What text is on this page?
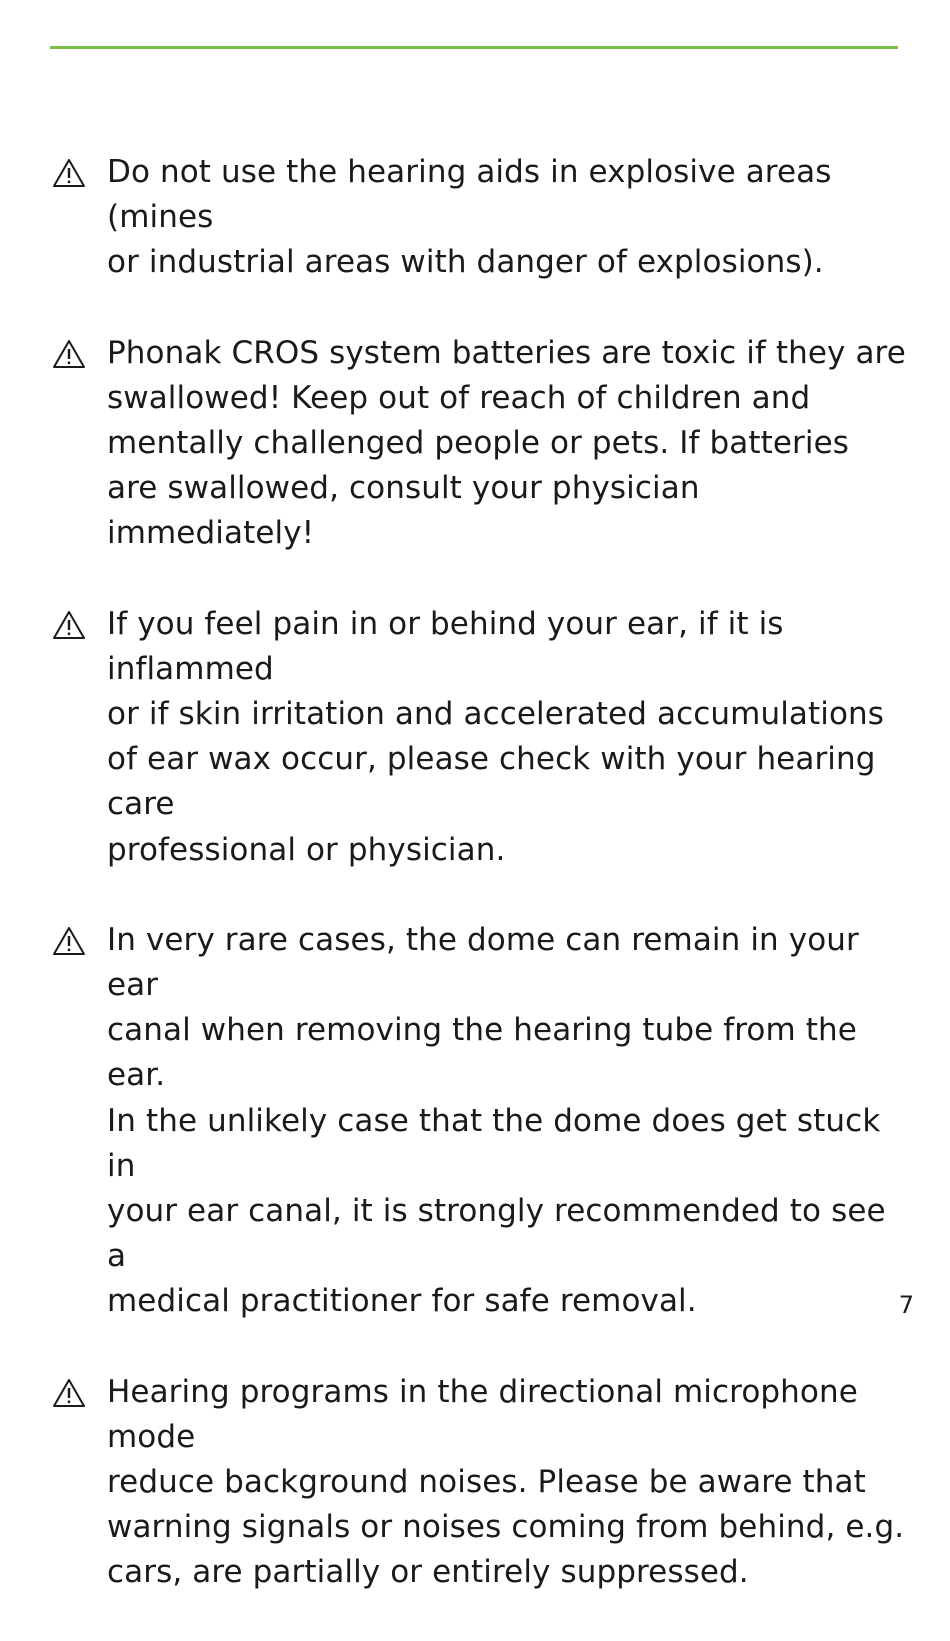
Do not use the hearing aids in explosive areas (mines
or industrial areas with danger of explosions).

Phonak CROS system batteries are toxic if they are
swallowed! Keep out of reach of children and
mentally challenged people or pets. If batteries
are swallowed, consult your physician
immediately!

If you feel pain in or behind your ear, if it is inflammed
or if skin irritation and accelerated accumulations
of ear wax occur, please check with your hearing care
professional or physician.

In very rare cases, the dome can remain in your ear
canal when removing the hearing tube from the ear.
In the unlikely case that the dome does get stuck in
your ear canal, it is strongly recommended to see a
medical practitioner for safe removal.

Hearing programs in the directional microphone mode
reduce background noises. Please be aware that
warning signals or noises coming from behind, e.g.
cars, are partially or entirely suppressed.

7
